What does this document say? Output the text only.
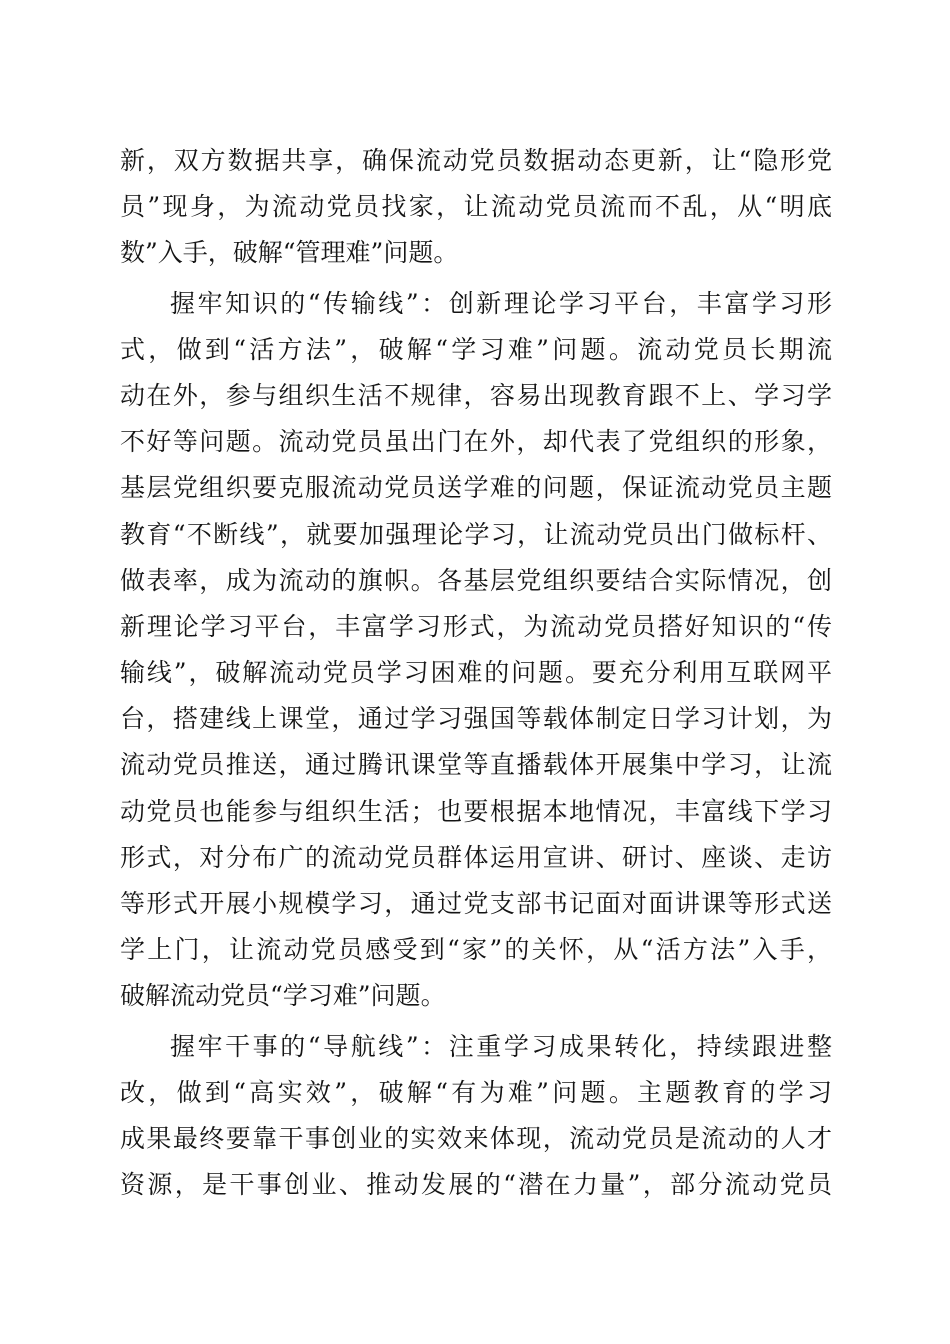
新，双方数据共享，确保流动党员数据动态更新，让“隐形党
员”现身，为流动党员找家，让流动党员流而不乱，从“明底
数”入手，破解“管理难”问题。
握牢知识的“传输线”：创新理论学习平台，丰富学习形
式，做到“活方法”，破解“学习难”问题。流动党员长期流
动在外，参与组织生活不规律，容易出现教育跟不上、学习学
不好等问题。流动党员虽出门在外，却代表了党组织的形象，
基层党组织要克服流动党员送学难的问题，保证流动党员主题
教育“不断线”，就要加强理论学习，让流动党员出门做标杆、
做表率，成为流动的旗帜。各基层党组织要结合实际情况，创
新理论学习平台，丰富学习形式，为流动党员搭好知识的“传
输线”，破解流动党员学习困难的问题。要充分利用互联网平
台，搭建线上课堂，通过学习强国等载体制定日学习计划，为
流动党员推送，通过腾讯课堂等直播载体开展集中学习，让流
动党员也能参与组织生活；也要根据本地情况，丰富线下学习
形式，对分布广的流动党员群体运用宣讲、研讨、座谈、走访
等形式开展小规模学习，通过党支部书记面对面讲课等形式送
学上门，让流动党员感受到“家”的关怀，从“活方法”入手，
破解流动党员“学习难”问题。
握牢干事的“导航线”：注重学习成果转化，持续跟进整
改，做到“高实效”，破解“有为难”问题。主题教育的学习
成果最终要靠干事创业的实效来体现，流动党员是流动的人才
资源，是干事创业、推动发展的“潜在力量”，部分流动党员
